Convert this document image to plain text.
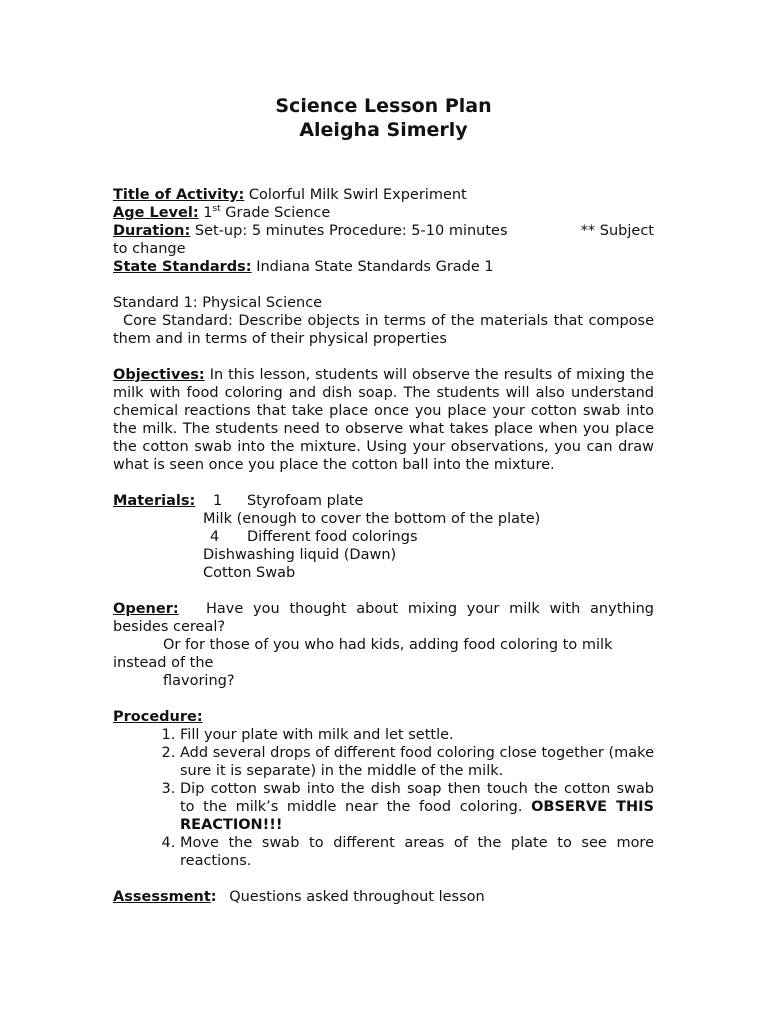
Science Lesson Plan
Aleigha Simerly
Title of Activity: Colorful Milk Swirl Experiment
Age Level: 1st Grade Science
Duration: Set-up: 5 minutes Procedure: 5-10 minutes	** Subject
to change
State Standards: Indiana State Standards Grade 1
Standard 1: Physical Science
Core Standard: Describe objects in terms of the materials that compose them and in terms of their physical properties
Objectives: In this lesson, students will observe the results of mixing the milk with food coloring and dish soap. The students will also understand chemical reactions that take place once you place your cotton swab into the milk. The students need to observe what takes place when you place the cotton swab into the mixture. Using your observations, you can draw what is seen once you place the cotton ball into the mixture.
Materials: 1 Styrofoam plate
Milk (enough to cover the bottom of the plate)
4 Different food colorings
Dishwashing liquid (Dawn)
Cotton Swab
Opener: Have you thought about mixing your milk with anything besides cereal?
Or for those of you who had kids, adding food coloring to milk instead of the
flavoring?
Procedure:
1. Fill your plate with milk and let settle.
2. Add several drops of different food coloring close together (make sure it is separate) in the middle of the milk.
3. Dip cotton swab into the dish soap then touch the cotton swab to the milk’s middle near the food coloring. OBSERVE THIS REACTION!!!
4. Move the swab to different areas of the plate to see more reactions.
Assessment: Questions asked throughout lesson
